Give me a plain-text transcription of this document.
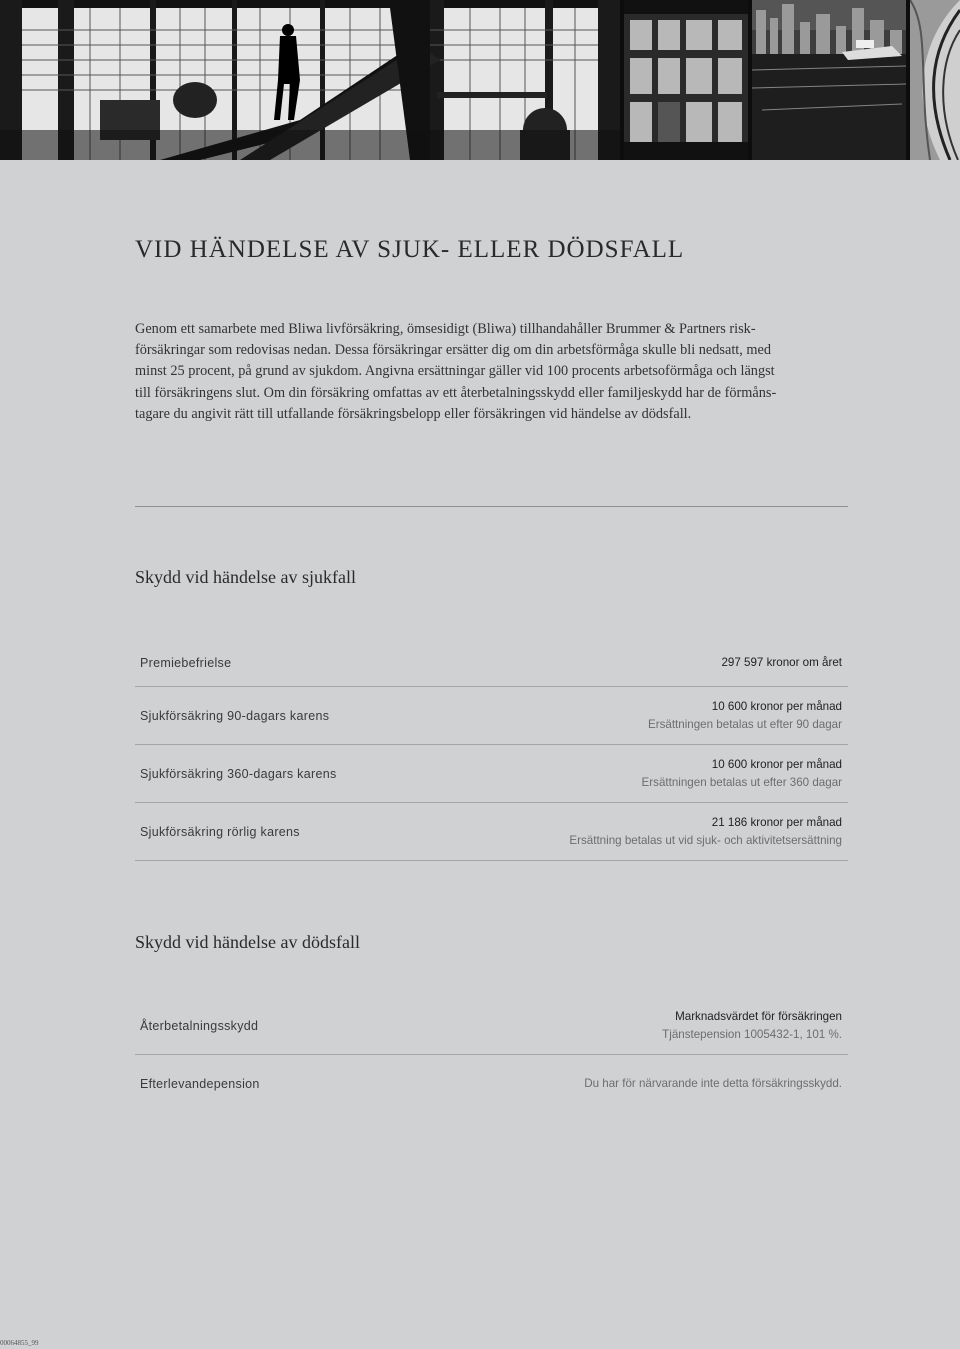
VID HÄNDELSE AV SJUK- ELLER DÖDSFALL

Genom ett samarbete med Bliwa livförsäkring, ömsesidigt (Bliwa) tillhandahåller Brummer & Partners risk-
försäkringar som redovisas nedan. Dessa försäkringar ersätter dig om din arbetsförmåga skulle bli nedsatt, med
minst 25 procent, på grund av sjukdom. Angivna ersättningar gäller vid 100 procents arbetsoförmåga och längst
till försäkringens slut. Om din försäkring omfattas av ett återbetalningsskydd eller familjeskydd har de förmåns-
tagare du angivit rätt till utfallande försäkringsbelopp eller försäkringen vid händelse av dödsfall.

Skydd vid händelse av sjukfall
Premiebefrielse	297 597 kronor om året
Sjukförsäkring 90-dagars karens
10 600 kronor per månad
Ersättningen betalas ut efter 90 dagar
Sjukförsäkring 360-dagars karens
10 600 kronor per månad
Ersättningen betalas ut efter 360 dagar
Sjukförsäkring rörlig karens
21 186 kronor per månad
Ersättning betalas ut vid sjuk- och aktivitetsersättning
Skydd vid händelse av dödsfall
Återbetalningsskydd
Marknadsvärdet för försäkringen
Tjänstepension 1005432-1, 101 %.
Efterlevandepension	Du har för närvarande inte detta försäkringsskydd.
00064855_99
